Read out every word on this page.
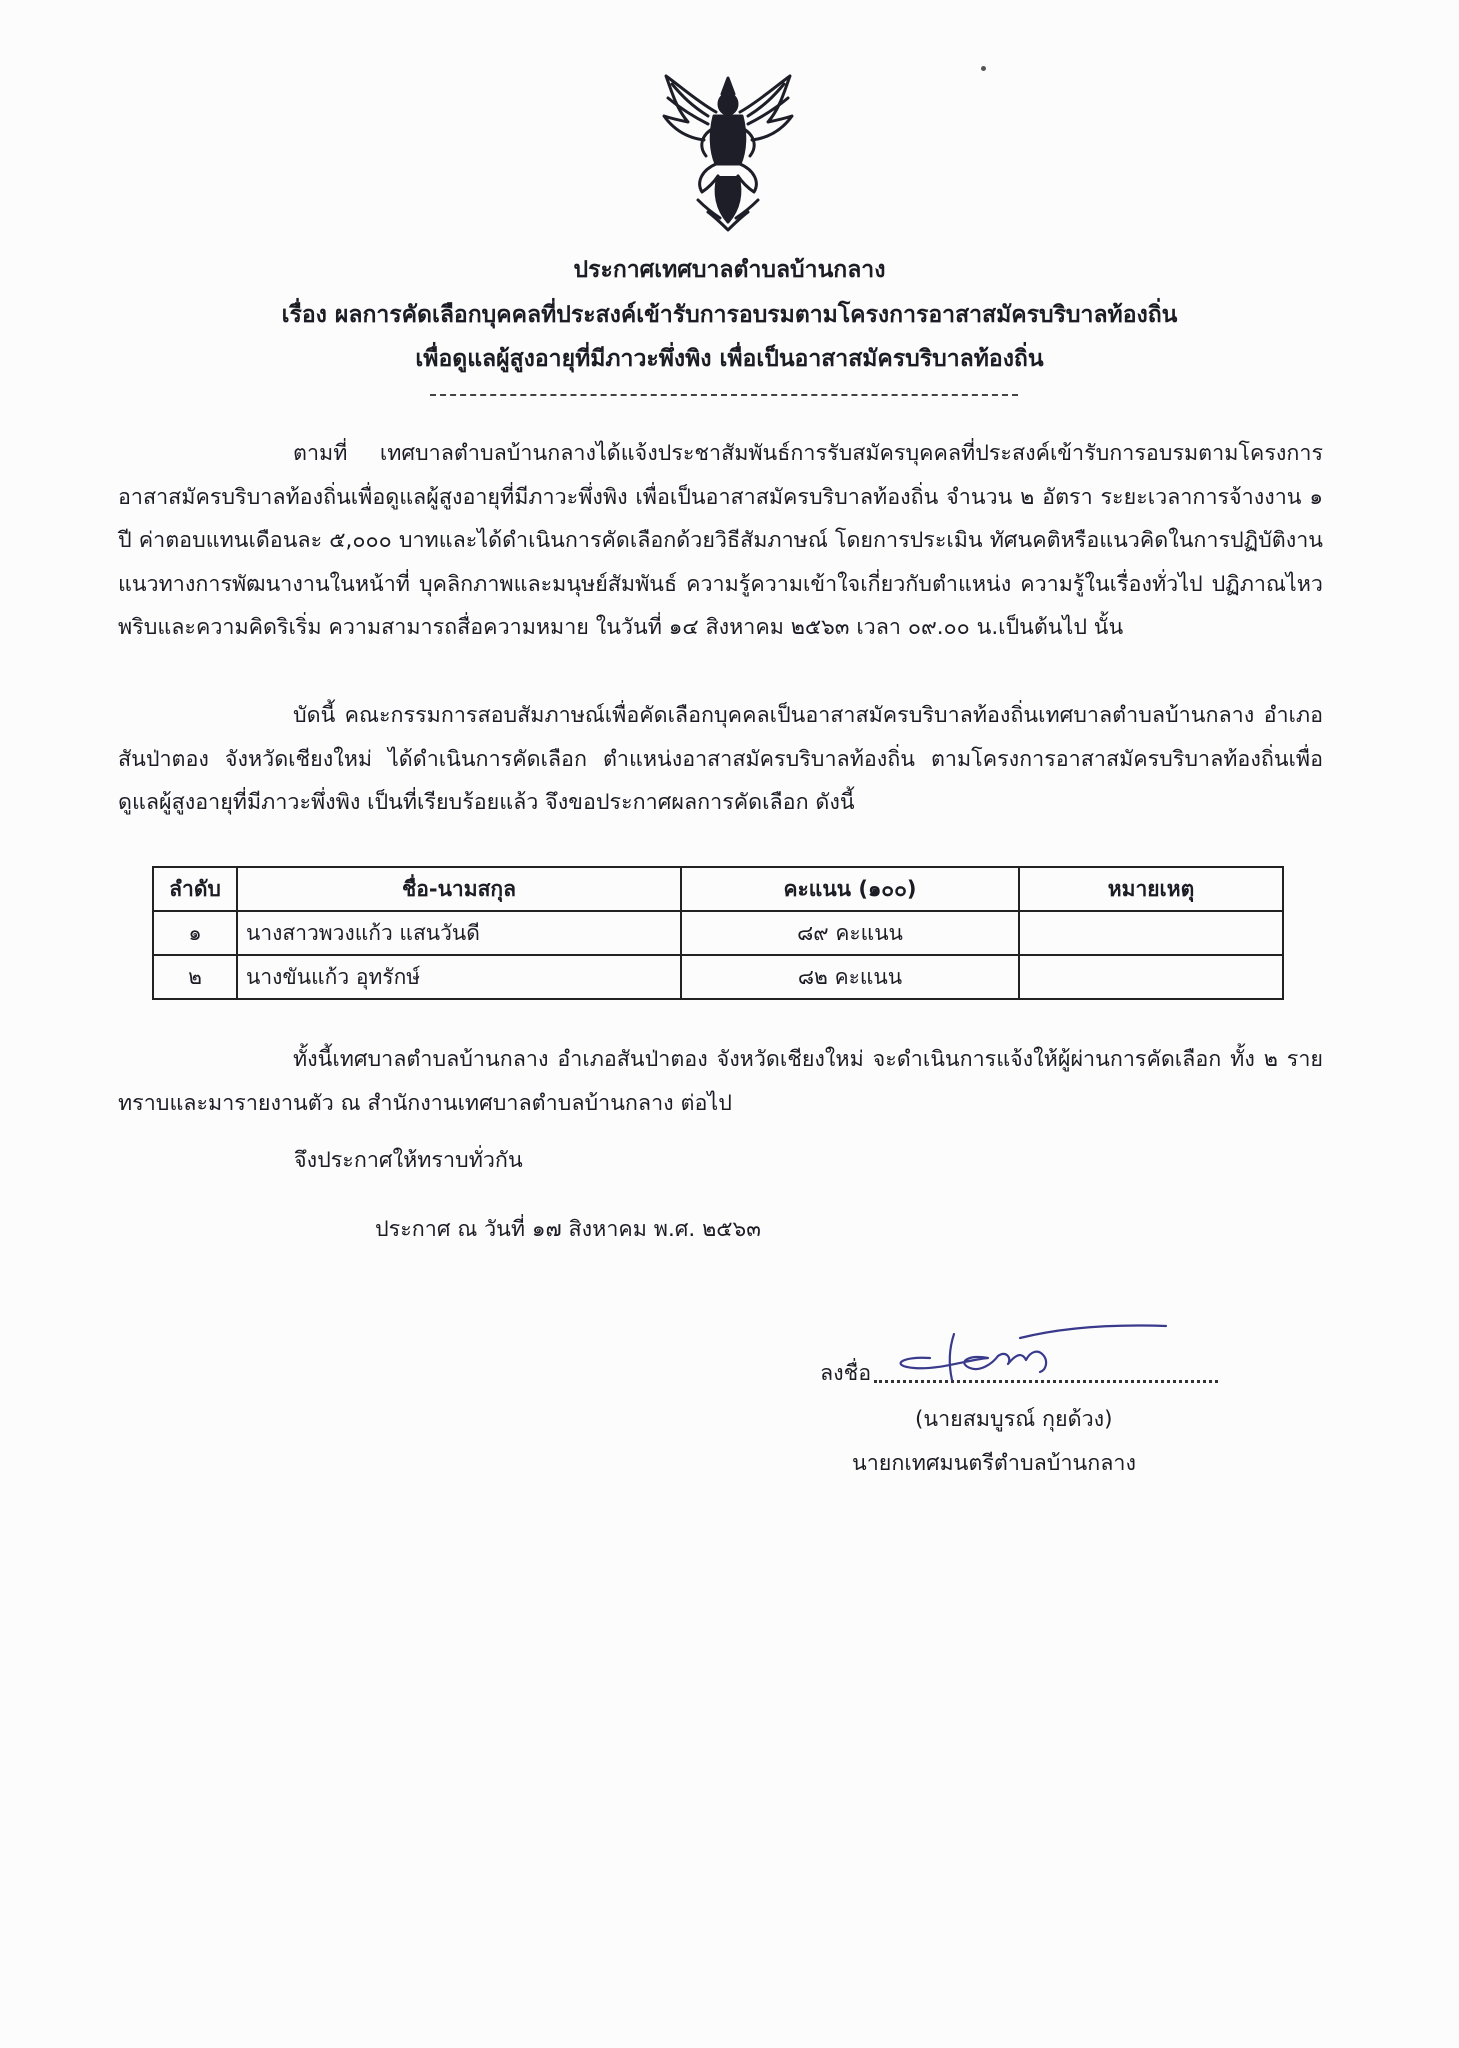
ประกาศเทศบาลตำบลบ้านกลาง
เรื่อง ผลการคัดเลือกบุคคลที่ประสงค์เข้ารับการอบรมตามโครงการอาสาสมัครบริบาลท้องถิ่น
เพื่อดูแลผู้สูงอายุที่มีภาวะพึ่งพิง เพื่อเป็นอาสาสมัครบริบาลท้องถิ่น

ตามที่ เทศบาลตำบลบ้านกลางได้แจ้งประชาสัมพันธ์การรับสมัครบุคคลที่ประสงค์เข้ารับการอบรมตามโครงการอาสาสมัครบริบาลท้องถิ่นเพื่อดูแลผู้สูงอายุที่มีภาวะพึ่งพิง เพื่อเป็นอาสาสมัครบริบาลท้องถิ่น จำนวน ๒ อัตรา ระยะเวลาการจ้างงาน ๑ ปี ค่าตอบแทนเดือนละ ๕,๐๐๐ บาทและได้ดำเนินการคัดเลือกด้วยวิธีสัมภาษณ์ โดยการประเมิน ทัศนคติหรือแนวคิดในการปฏิบัติงาน แนวทางการพัฒนางานในหน้าที่ บุคลิกภาพและมนุษย์สัมพันธ์ ความรู้ความเข้าใจเกี่ยวกับตำแหน่ง ความรู้ในเรื่องทั่วไป ปฏิภาณไหวพริบและความคิดริเริ่ม ความสามารถสื่อความหมาย ในวันที่ ๑๔ สิงหาคม ๒๕๖๓ เวลา ๐๙.๐๐ น.เป็นต้นไป นั้น

บัดนี้ คณะกรรมการสอบสัมภาษณ์เพื่อคัดเลือกบุคคลเป็นอาสาสมัครบริบาลท้องถิ่นเทศบาลตำบลบ้านกลาง อำเภอสันป่าตอง จังหวัดเชียงใหม่ ได้ดำเนินการคัดเลือก ตำแหน่งอาสาสมัครบริบาลท้องถิ่น ตามโครงการอาสาสมัครบริบาลท้องถิ่นเพื่อดูแลผู้สูงอายุที่มีภาวะพึ่งพิง เป็นที่เรียบร้อยแล้ว จึงขอประกาศผลการคัดเลือก ดังนี้

ลำดับ	ชื่อ-นามสกุล	คะแนน (๑๐๐)	หมายเหตุ
๑	นางสาวพวงแก้ว แสนวันดี	๘๙ คะแนน	
๒	นางขันแก้ว อุทรักษ์	๘๒ คะแนน	

ทั้งนี้เทศบาลตำบลบ้านกลาง อำเภอสันป่าตอง จังหวัดเชียงใหม่ จะดำเนินการแจ้งให้ผู้ผ่านการคัดเลือก ทั้ง ๒ ราย ทราบและมารายงานตัว ณ สำนักงานเทศบาลตำบลบ้านกลาง ต่อไป

จึงประกาศให้ทราบทั่วกัน
ประกาศ ณ วันที่ ๑๗ สิงหาคม พ.ศ. ๒๕๖๓
ลงชื่อ
(นายสมบูรณ์ กุยด้วง)
นายกเทศมนตรีตำบลบ้านกลาง
